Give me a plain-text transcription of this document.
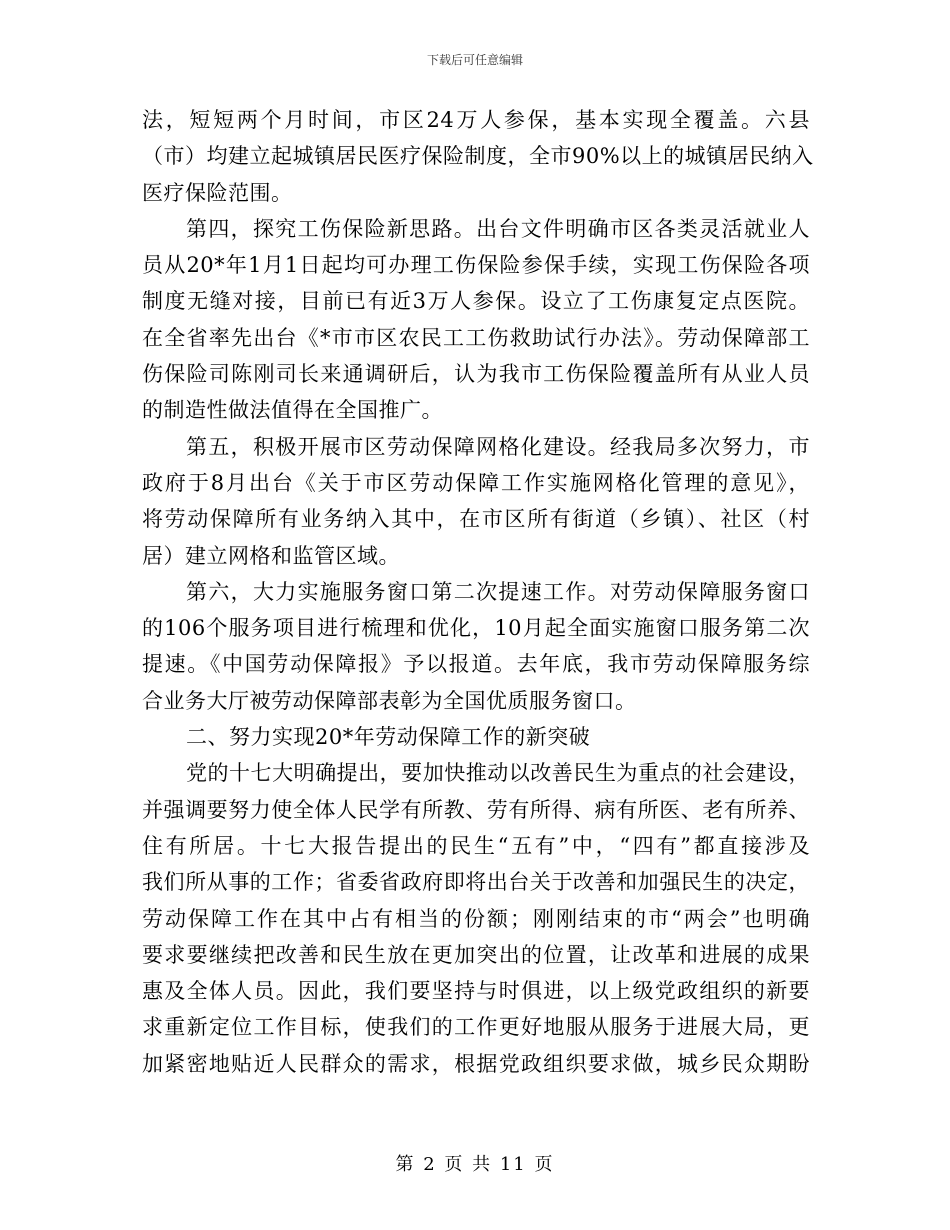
下载后可任意编辑
法，短短两个月时间，市区24万人参保，基本实现全覆盖。六县
（市）均建立起城镇居民医疗保险制度，全市90%以上的城镇居民纳入
医疗保险范围。
第四，探究工伤保险新思路。出台文件明确市区各类灵活就业人
员从20*年1月1日起均可办理工伤保险参保手续，实现工伤保险各项
制度无缝对接，目前已有近3万人参保。设立了工伤康复定点医院。
在全省率先出台《*市市区农民工工伤救助试行办法》。劳动保障部工
伤保险司陈刚司长来通调研后，认为我市工伤保险覆盖所有从业人员
的制造性做法值得在全国推广。
第五，积极开展市区劳动保障网格化建设。经我局多次努力，市
政府于8月出台《关于市区劳动保障工作实施网格化管理的意见》，
将劳动保障所有业务纳入其中，在市区所有街道（乡镇）、社区（村
居）建立网格和监管区域。
第六，大力实施服务窗口第二次提速工作。对劳动保障服务窗口
的106个服务项目进行梳理和优化，10月起全面实施窗口服务第二次
提速。《中国劳动保障报》予以报道。去年底，我市劳动保障服务综
合业务大厅被劳动保障部表彰为全国优质服务窗口。
二、努力实现20*年劳动保障工作的新突破
党的十七大明确提出，要加快推动以改善民生为重点的社会建设，
并强调要努力使全体人民学有所教、劳有所得、病有所医、老有所养、
住有所居。十七大报告提出的民生“五有”中，“四有”都直接涉及
我们所从事的工作；省委省政府即将出台关于改善和加强民生的决定，
劳动保障工作在其中占有相当的份额；刚刚结束的市“两会”也明确
要求要继续把改善和民生放在更加突出的位置，让改革和进展的成果
惠及全体人员。因此，我们要坚持与时俱进，以上级党政组织的新要
求重新定位工作目标，使我们的工作更好地服从服务于进展大局，更
加紧密地贴近人民群众的需求，根据党政组织要求做，城乡民众期盼
第 2 页 共 11 页
